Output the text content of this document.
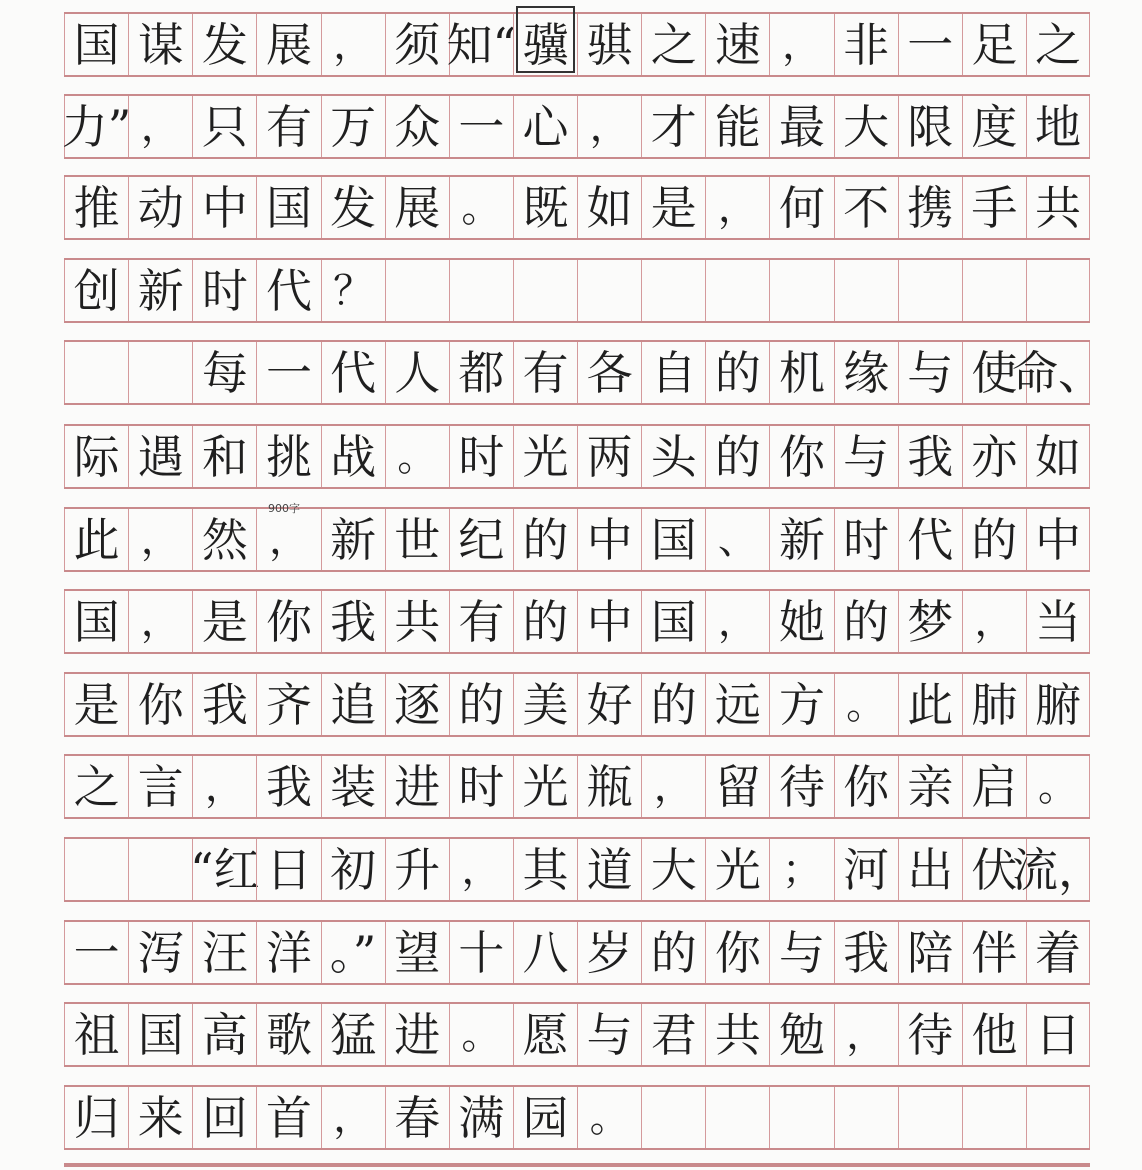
国 谋 发 展 ， 须 知“ 骥 骐 之 速 ， 非 一 足 之
力” ， 只 有 万 众 一 心 ， 才 能 最 大 限 度 地
推 动 中 国 发 展 。 既 如 是 ， 何 不 携 手 共
创 新 时 代 ？
每 一 代 人 都 有 各 自 的 机 缘 与 使
命、
际 遇 和 挑 战 。 时 光 两 头 的 你 与 我 亦 如
此 ， 然 ， 新 世 纪 的 中 国 、 新 时 代 的 中
国 ， 是 你 我 共 有 的 中 国 ， 她 的 梦 ， 当
是 你 我 齐 追 逐 的 美 好 的 远 方 。 此 肺 腑
之 言 ， 我 装 进 时 光 瓶 ， 留 待 你 亲 启 。
“红 日 初 升 ， 其 道 大 光 ； 河 出 伏
流，
一 泻 汪 洋 。” 望 十 八 岁 的 你 与 我 陪 伴 着
祖 国 高 歌 猛 进 。 愿 与 君 共 勉 ， 待 他 日
归 来 回 首 ， 春 满 园 。
900字
